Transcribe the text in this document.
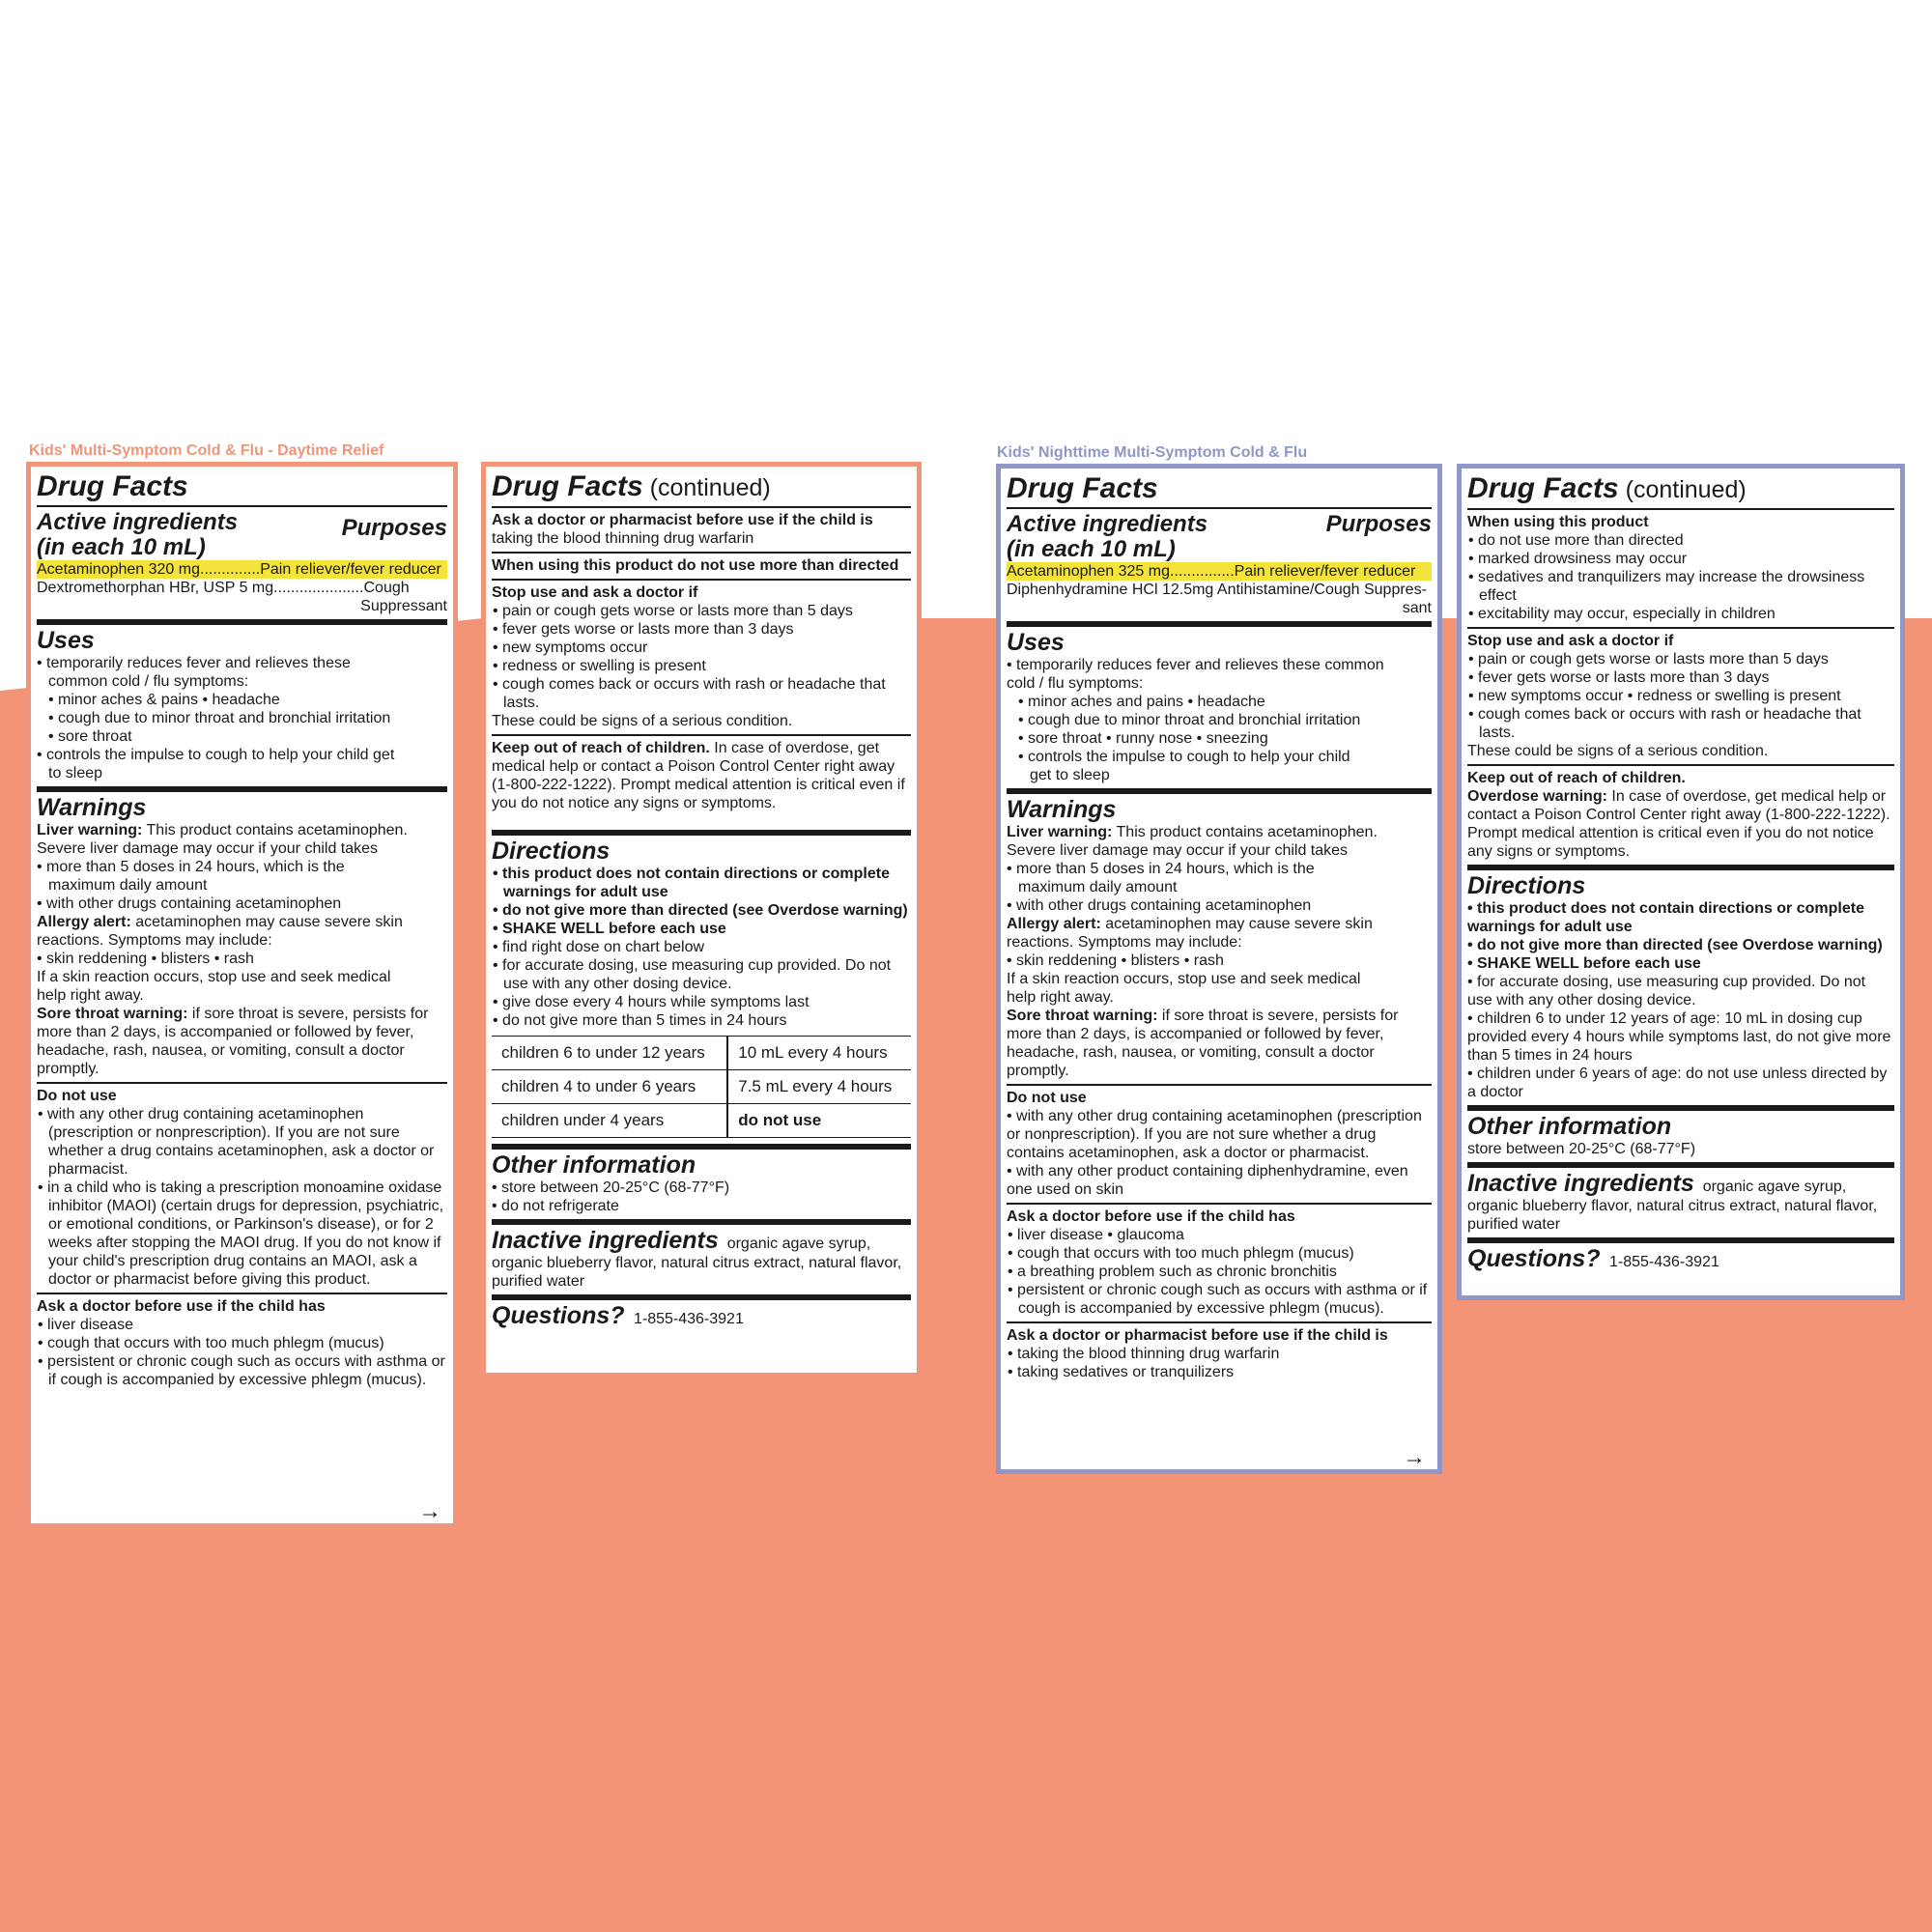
Kids' Multi-Symptom Cold & Flu - Daytime Relief
Drug Facts
Active ingredients
(in each 10 mL)
Purposes
Acetaminophen 320 mg..............Pain reliever/fever reducer
Dextromethorphan HBr, USP 5 mg.....................Cough
Suppressant
Uses
• temporarily reduces fever and relieves these
common cold / flu symptoms:
• minor aches & pains • headache
• cough due to minor throat and bronchial irritation
• sore throat
• controls the impulse to cough to help your child get
to sleep
Warnings
Liver warning: This product contains acetaminophen.
Severe liver damage may occur if your child takes
• more than 5 doses in 24 hours, which is the
maximum daily amount
• with other drugs containing acetaminophen
Allergy alert: acetaminophen may cause severe skin
reactions. Symptoms may include:
• skin reddening • blisters • rash
If a skin reaction occurs, stop use and seek medical
help right away.
Sore throat warning: if sore throat is severe, persists for more than 2 days, is accompanied or followed by fever, headache, rash, nausea, or vomiting, consult a doctor promptly.
Do not use
• with any other drug containing acetaminophen (prescription or nonprescription). If you are not sure whether a drug contains acetaminophen, ask a doctor or pharmacist.
• in a child who is taking a prescription monoamine oxidase inhibitor (MAOI) (certain drugs for depression, psychiatric, or emotional conditions, or Parkinson's disease), or for 2 weeks after stopping the MAOI drug. If you do not know if your child's prescription drug contains an MAOI, ask a doctor or pharmacist before giving this product.
Ask a doctor before use if the child has
• liver disease
• cough that occurs with too much phlegm (mucus)
• persistent or chronic cough such as occurs with asthma or if cough is accompanied by excessive phlegm (mucus).
→
Drug Facts (continued)
Ask a doctor or pharmacist before use if the child is
taking the blood thinning drug warfarin
When using this product do not use more than directed
Stop use and ask a doctor if
• pain or cough gets worse or lasts more than 5 days
• fever gets worse or lasts more than 3 days
• new symptoms occur
• redness or swelling is present
• cough comes back or occurs with rash or headache that lasts.
These could be signs of a serious condition.
Keep out of reach of children. In case of overdose, get medical help or contact a Poison Control Center right away (1-800-222-1222). Prompt medical attention is critical even if you do not notice any signs or symptoms.
Directions
• this product does not contain directions or complete warnings for adult use
• do not give more than directed (see Overdose warning)
• SHAKE WELL before each use
• find right dose on chart below
• for accurate dosing, use measuring cup provided. Do not use with any other dosing device.
• give dose every 4 hours while symptoms last
• do not give more than 5 times in 24 hours
children 6 to under 12 years	10 mL every 4 hours
children 4 to under 6 years	7.5 mL every 4 hours
children under 4 years	do not use
Other information
• store between 20-25°C (68-77°F)
• do not refrigerate
Inactive ingredients organic agave syrup, organic blueberry flavor, natural citrus extract, natural flavor, purified water
Questions? 1-855-436-3921
Kids' Nighttime Multi-Symptom Cold & Flu
Drug Facts
Active ingredients
(in each 10 mL)
Purposes
Acetaminophen 325 mg...............Pain reliever/fever reducer
Diphenhydramine HCl 12.5mg Antihistamine/Cough Suppres-
sant
Uses
• temporarily reduces fever and relieves these common
cold / flu symptoms:
• minor aches and pains • headache
• cough due to minor throat and bronchial irritation
• sore throat • runny nose • sneezing
• controls the impulse to cough to help your child
get to sleep
Warnings
Liver warning: This product contains acetaminophen.
Severe liver damage may occur if your child takes
• more than 5 doses in 24 hours, which is the
maximum daily amount
• with other drugs containing acetaminophen
Allergy alert: acetaminophen may cause severe skin
reactions. Symptoms may include:
• skin reddening • blisters • rash
If a skin reaction occurs, stop use and seek medical
help right away.
Sore throat warning: if sore throat is severe, persists for more than 2 days, is accompanied or followed by fever, headache, rash, nausea, or vomiting, consult a doctor promptly.
Do not use
• with any other drug containing acetaminophen (prescription or nonprescription). If you are not sure whether a drug contains acetaminophen, ask a doctor or pharmacist.
• with any other product containing diphenhydramine, even one used on skin
Ask a doctor before use if the child has
• liver disease • glaucoma
• cough that occurs with too much phlegm (mucus)
• a breathing problem such as chronic bronchitis
• persistent or chronic cough such as occurs with asthma or if cough is accompanied by excessive phlegm (mucus).
Ask a doctor or pharmacist before use if the child is
• taking the blood thinning drug warfarin
• taking sedatives or tranquilizers
→
Drug Facts (continued)
When using this product
• do not use more than directed
• marked drowsiness may occur
• sedatives and tranquilizers may increase the drowsiness effect
• excitability may occur, especially in children
Stop use and ask a doctor if
• pain or cough gets worse or lasts more than 5 days
• fever gets worse or lasts more than 3 days
• new symptoms occur • redness or swelling is present
• cough comes back or occurs with rash or headache that lasts.
These could be signs of a serious condition.
Keep out of reach of children.
Overdose warning: In case of overdose, get medical help or contact a Poison Control Center right away (1-800-222-1222). Prompt medical attention is critical even if you do not notice any signs or symptoms.
Directions
• this product does not contain directions or complete warnings for adult use
• do not give more than directed (see Overdose warning)
• SHAKE WELL before each use
• for accurate dosing, use measuring cup provided. Do not use with any other dosing device.
• children 6 to under 12 years of age: 10 mL in dosing cup provided every 4 hours while symptoms last, do not give more than 5 times in 24 hours
• children under 6 years of age: do not use unless directed by a doctor
Other information
store between 20-25°C (68-77°F)
Inactive ingredients organic agave syrup, organic blueberry flavor, natural citrus extract, natural flavor, purified water
Questions? 1-855-436-3921
